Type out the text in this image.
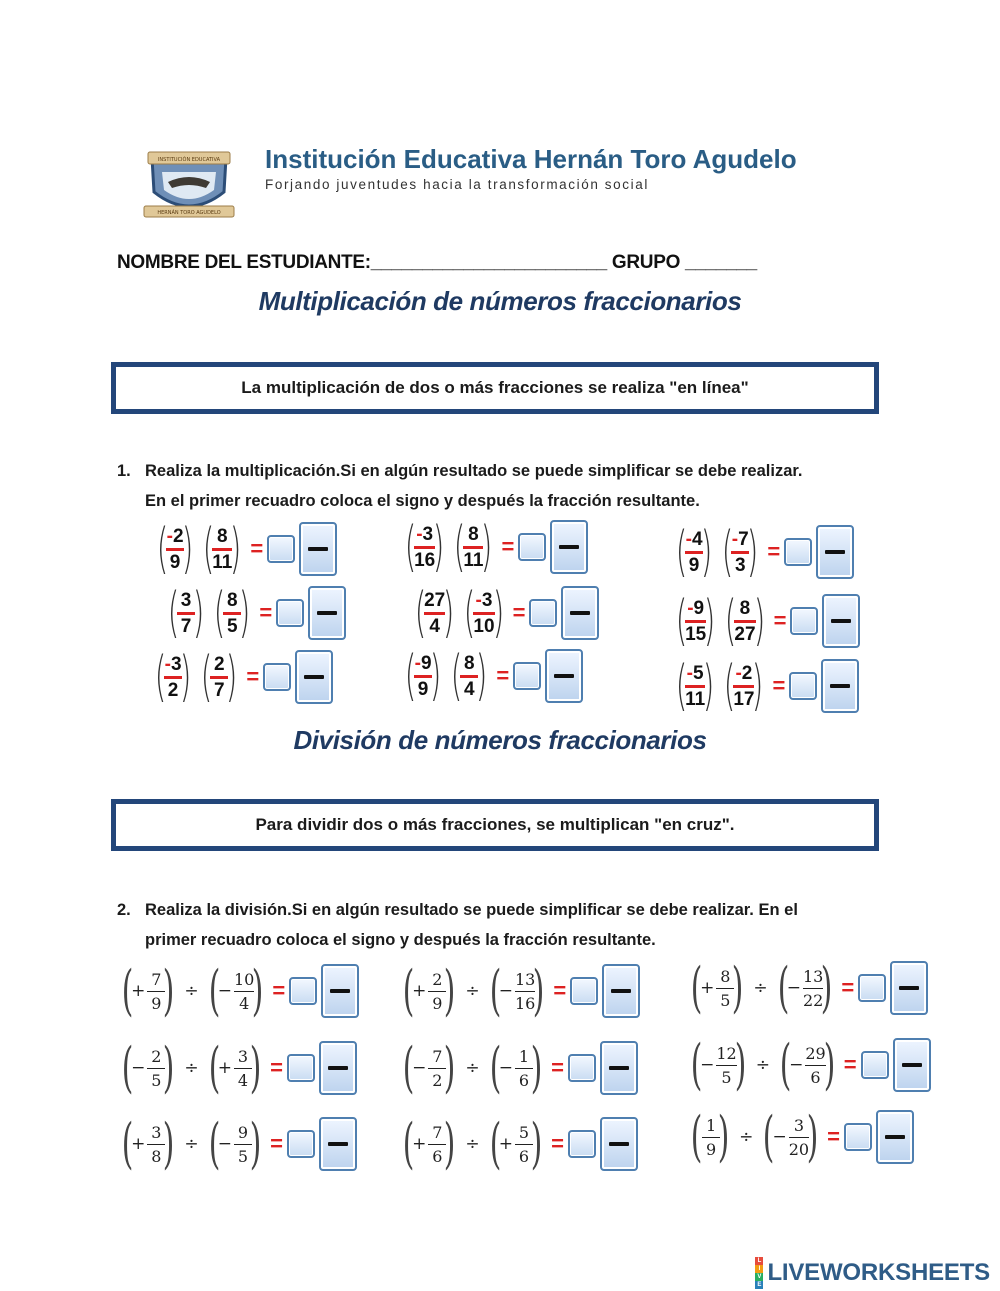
INSTITUCIÓN EDUCATIVA
HERNÁN TORO AGUDELO
Institución Educativa Hernán Toro Agudelo
Forjando juventudes hacia la transformación social
NOMBRE DEL ESTUDIANTE:_______________________ GRUPO _______
Multiplicación de números fraccionarios
La multiplicación de dos o más fracciones se realiza "en línea"
1. Realiza la multiplicación.Si en algún resultado se puede simplificar se debe realizar.
En el primer recuadro coloca el signo y después la fracción resultante.
(
$\frac{-2}{9}$
) (
$\frac{8}{11}$
) =	(
$\frac{-3}{16}$
) (
$\frac{8}{11}$
) =	(
$\frac{-4}{9}$
) (
$\frac{-7}{3}$
) =
(
$\frac{3}{7}$
) (
$\frac{8}{5}$
) =	(
$\frac{27}{4}$
) (
$\frac{-3}{10}$
) =	(
$\frac{-9}{15}$
) (
$\frac{8}{27}$
) =
(
$\frac{-3}{2}$
) (
$\frac{2}{7}$
) =	(
$\frac{-9}{9}$
) (
$\frac{8}{4}$
) =	(
$\frac{-5}{11}$
) (
$\frac{-2}{17}$
) =
División de números fraccionarios
Para dividir dos o más fracciones, se multiplican "en cruz".
2. Realiza la división.Si en algún resultado se puede simplificar se debe realizar. En el
primer recuadro coloca el signo y después la fracción resultante.
(
+ $\frac{7}{9}$
) ÷ (
− $\frac{10}{4}$
) = (
+ $\frac{2}{9}$
) ÷ (
− $\frac{13}{16}$
) = (
+ $\frac{8}{5}$
) ÷ (
− $\frac{13}{22}$
) =
(
− $\frac{2}{5}$
) ÷ (
+ $\frac{3}{4}$
) = (
− $\frac{7}{2}$
) ÷ (
− $\frac{1}{6}$
) = (
− $\frac{12}{5}$
) ÷ (
− $\frac{29}{6}$
) =
(
+ $\frac{3}{8}$
) ÷ (
− $\frac{9}{5}$
) = (
+ $\frac{7}{6}$
) ÷ (
+ $\frac{5}{6}$
) = ( $\frac{1}{9}$
) ÷ (
− $\frac{3}{20}$
) =
L
I
V
E LIVEWORKSHEETS
